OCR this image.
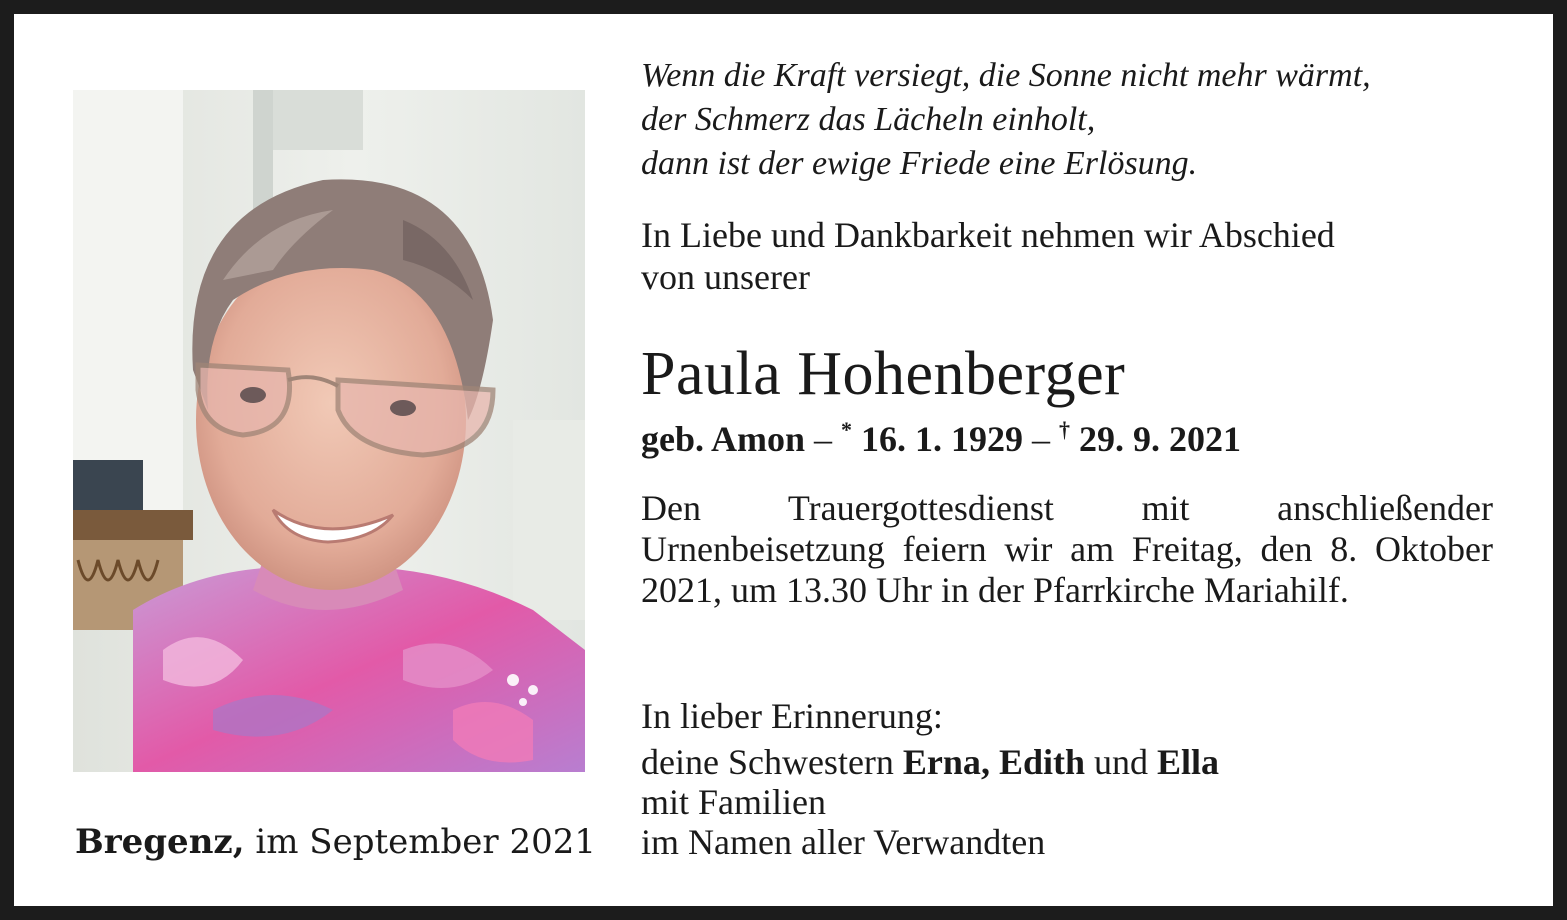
Bregenz, im September 2021
Wenn die Kraft versiegt, die Sonne nicht mehr wärmt,
der Schmerz das Lächeln einholt,
dann ist der ewige Friede eine Erlösung.
In Liebe und Dankbarkeit nehmen wir Abschied
von unserer
Paula Hohenberger
geb. Amon – * 16. 1. 1929 – † 29. 9. 2021
Den Trauergottesdienst mit anschließender Urnenbeisetzung feiern wir am Freitag, den 8. Oktober 2021, um 13.30 Uhr in der Pfarrkirche Mariahilf.
In lieber Erinnerung:
deine Schwestern Erna, Edith und Ella
mit Familien
im Namen aller Verwandten
